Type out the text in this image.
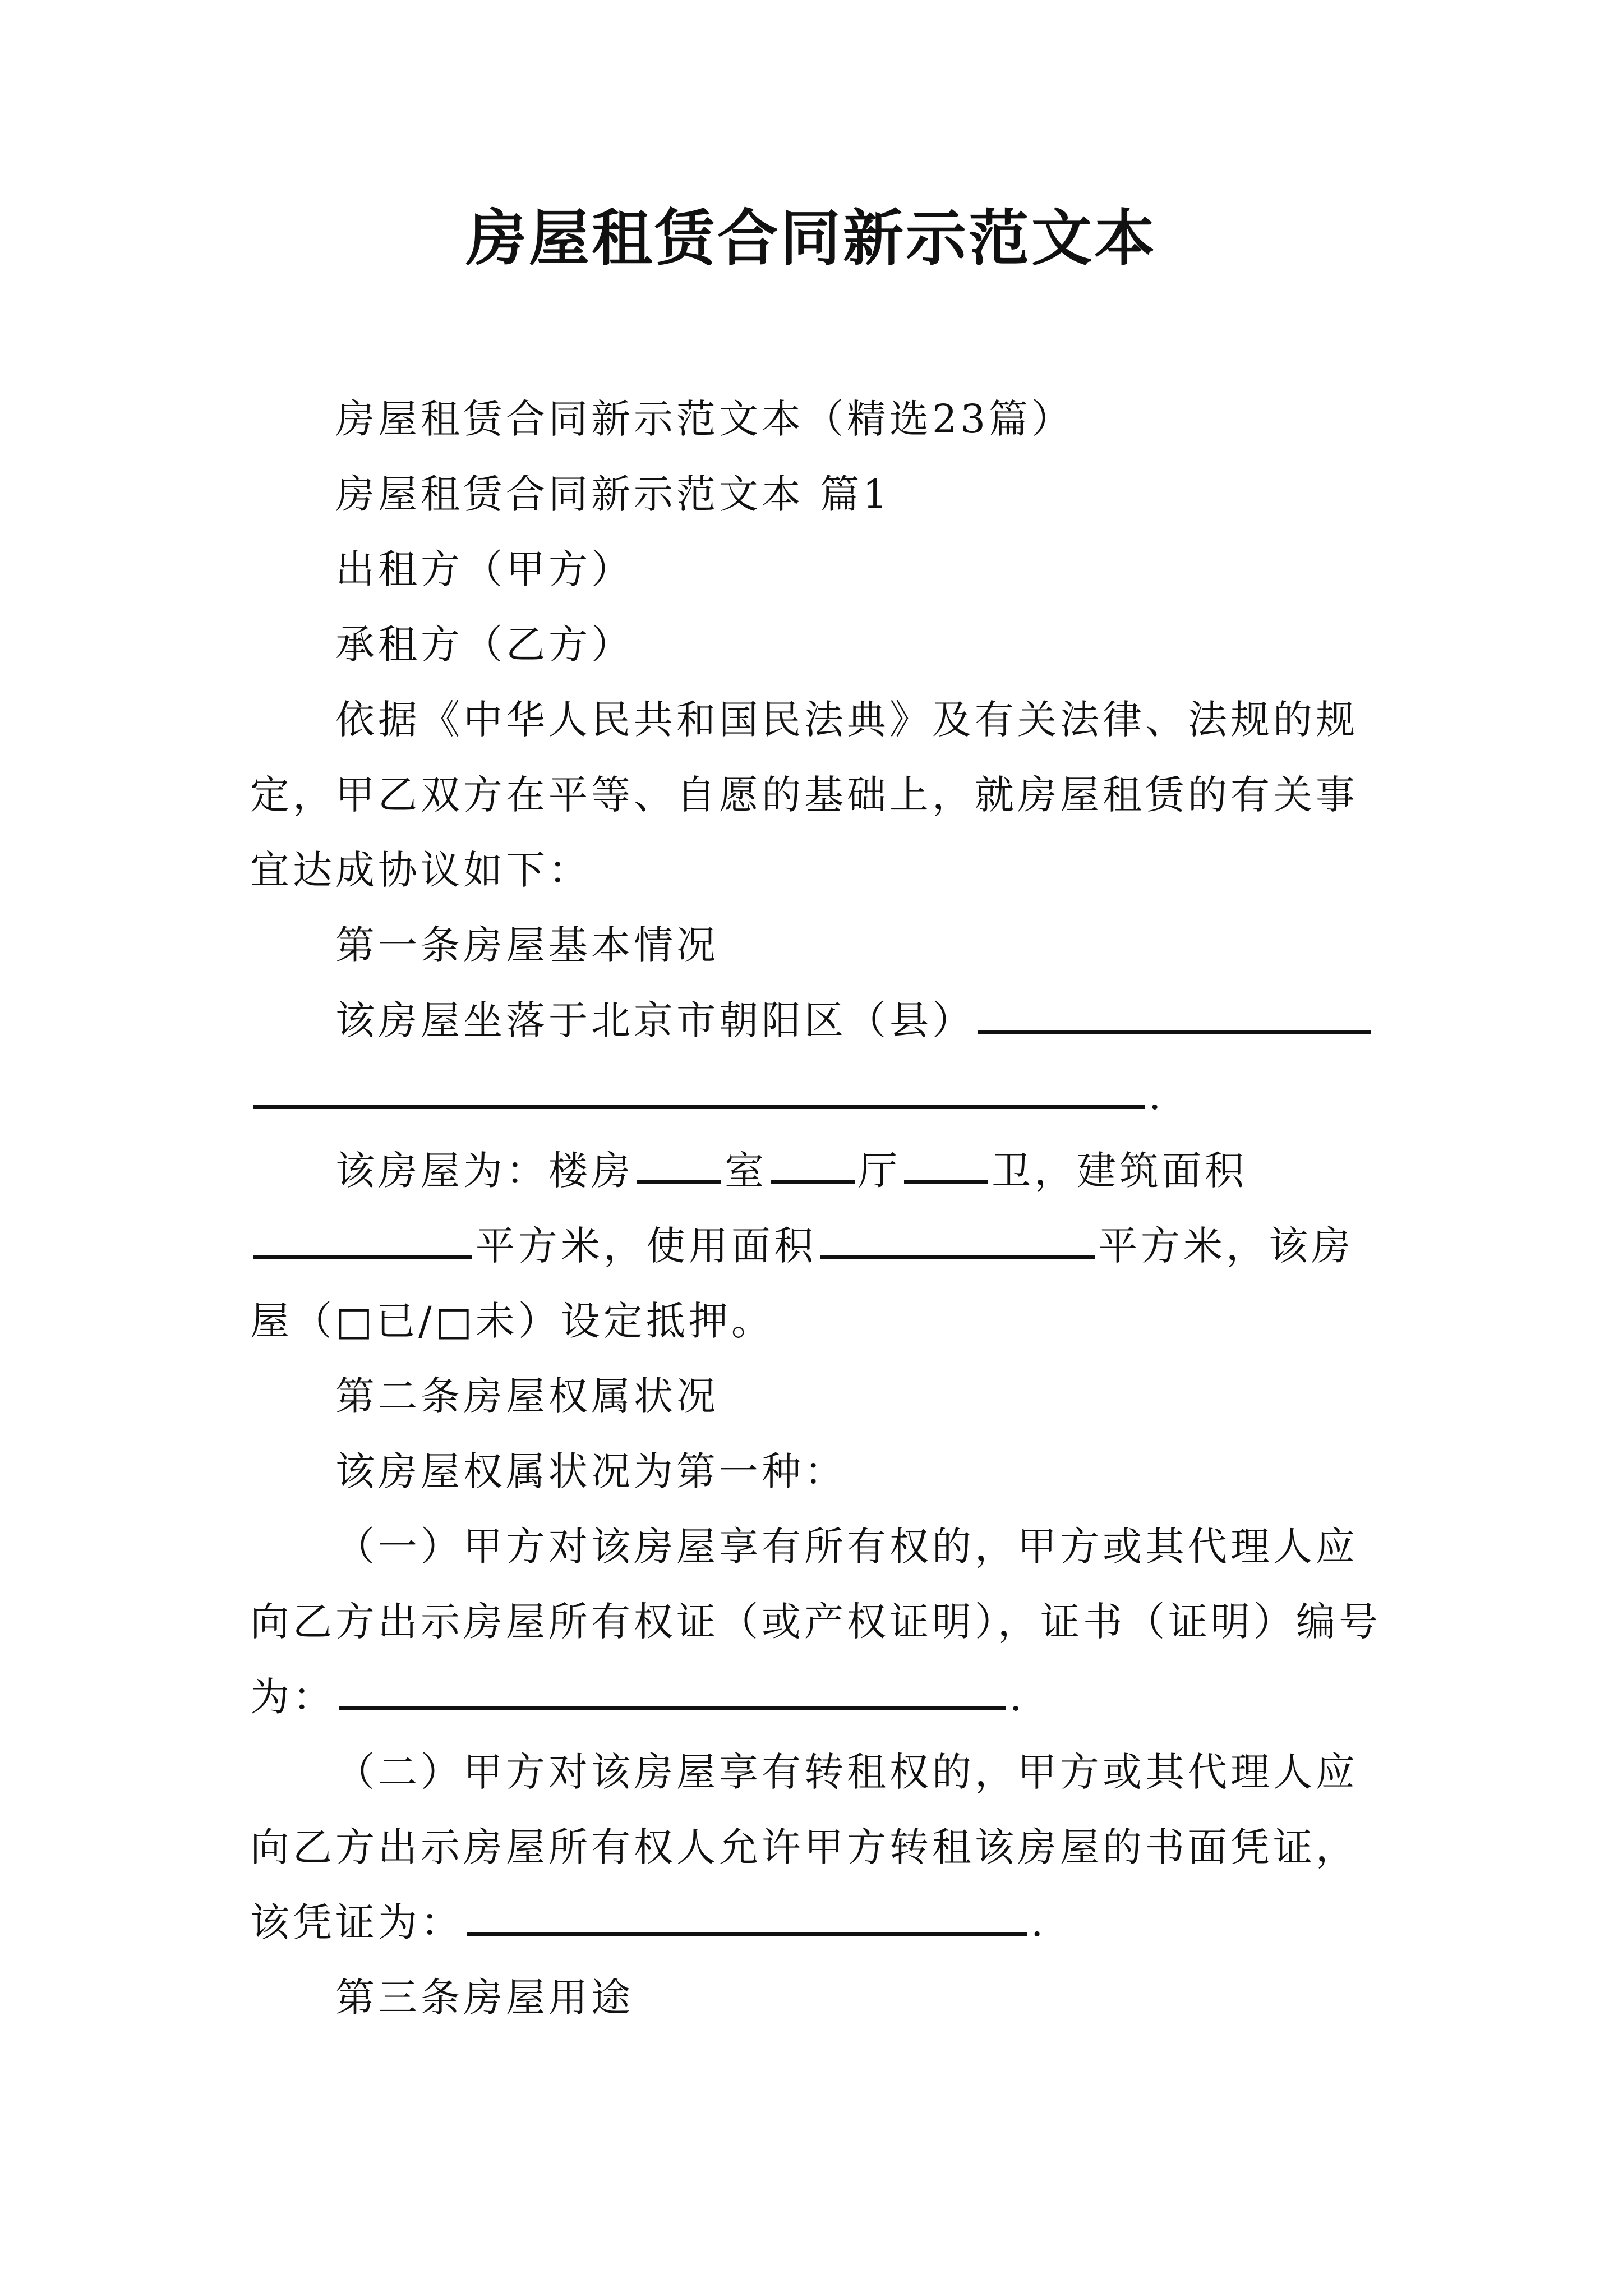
房屋租赁合同新示范文本

房屋租赁合同新示范文本（精选23篇）

房屋租赁合同新示范文本 篇1

出租方（甲方）

承租方（乙方）

依据《中华人民共和国民法典》及有关法律、法规的规定，甲乙双方在平等、自愿的基础上，就房屋租赁的有关事宜达成协议如下：

第一条房屋基本情况

该房屋坐落于北京市朝阳区（县）.

该房屋为：楼房 室 厅 卫，建筑面积平方米，使用面积	平方米，该房屋（□已/□未）设定抵押。

第二条房屋权属状况

该房屋权属状况为第一种：

（一）甲方对该房屋享有所有权的，甲方或其代理人应向乙方出示房屋所有权证（或产权证明），证书（证明）编号为：	.

（二）甲方对该房屋享有转租权的，甲方或其代理人应向乙方出示房屋所有权人允许甲方转租该房屋的书面凭证，该凭证为：	.

第三条房屋用途
